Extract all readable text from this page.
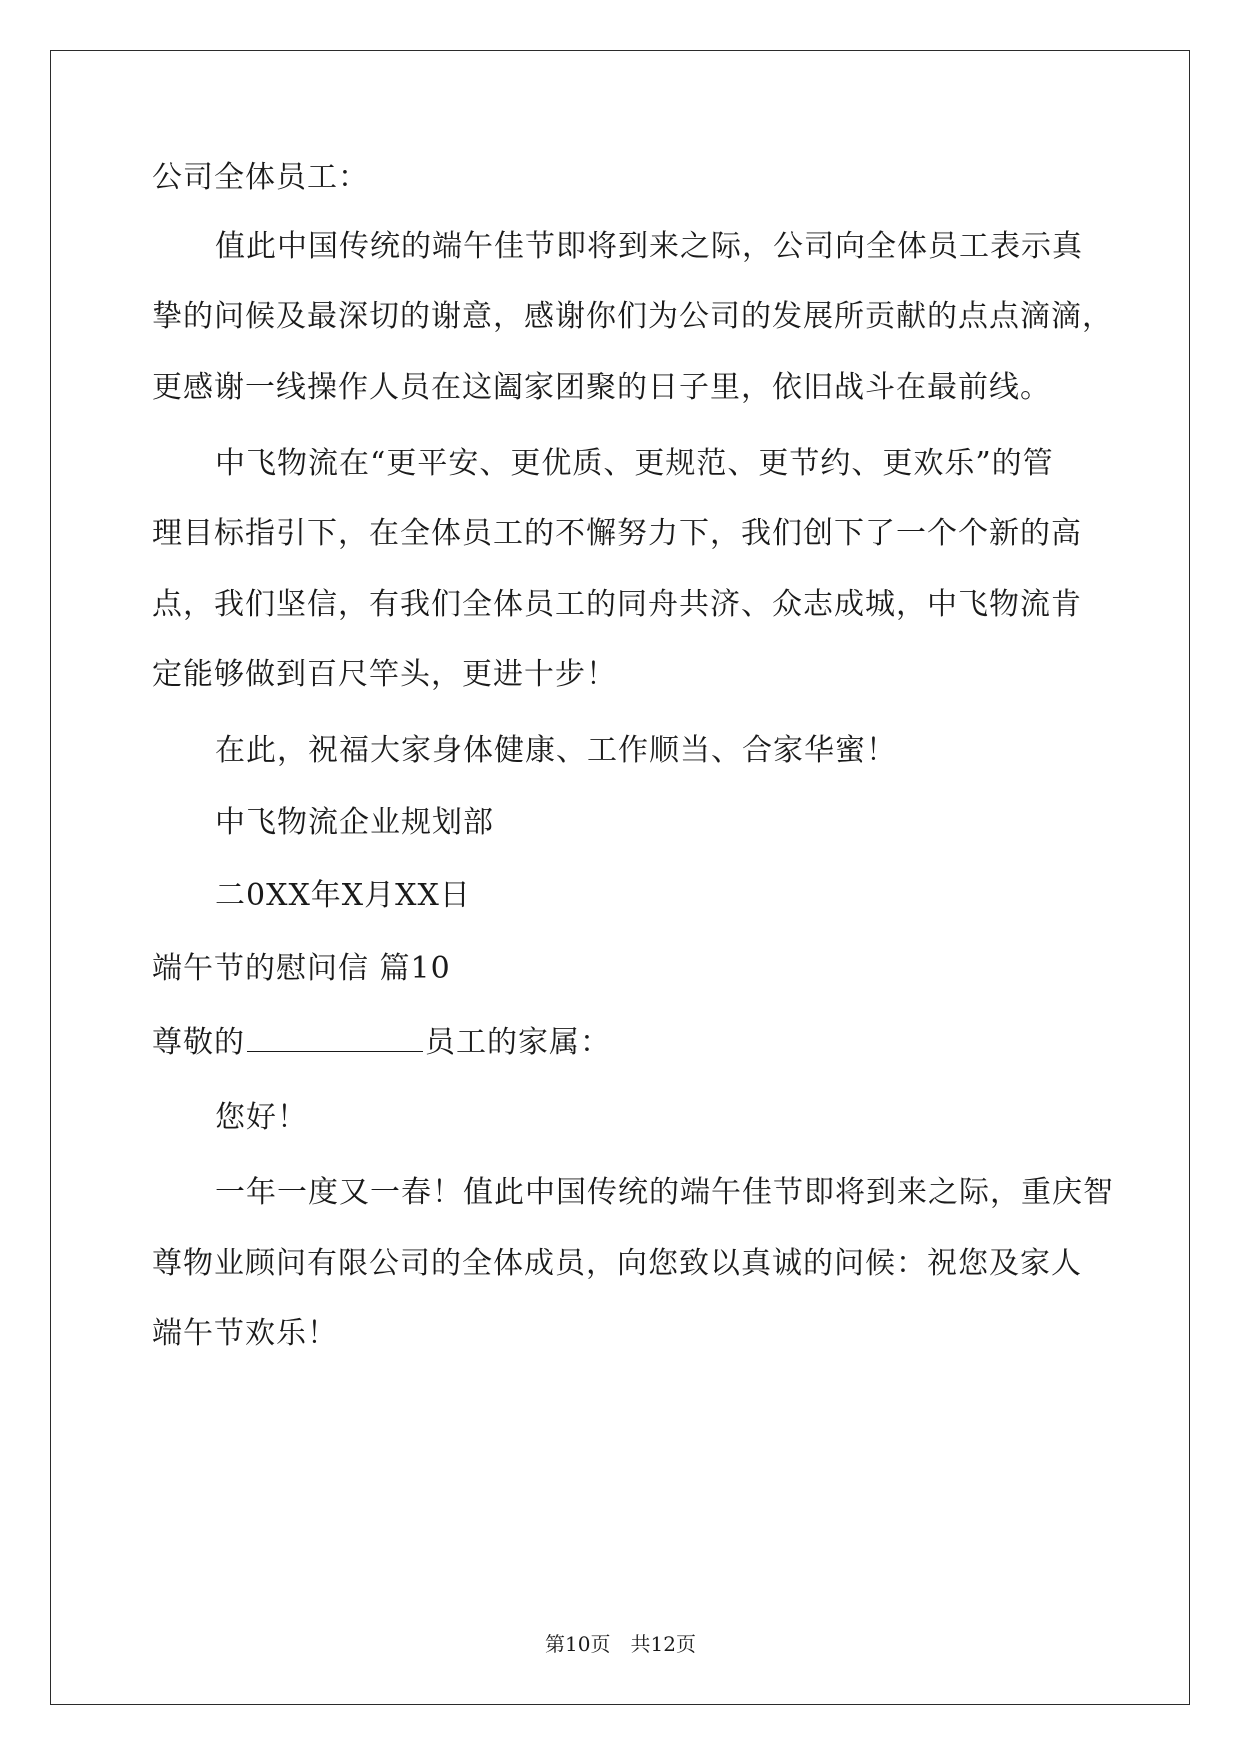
公司全体员工：
值此中国传统的端午佳节即将到来之际，公司向全体员工表示真
挚的问候及最深切的谢意，感谢你们为公司的发展所贡献的点点滴滴，
更感谢一线操作人员在这阖家团聚的日子里，依旧战斗在最前线。
中飞物流在“更平安、更优质、更规范、更节约、更欢乐”的管
理目标指引下，在全体员工的不懈努力下，我们创下了一个个新的高
点，我们坚信，有我们全体员工的同舟共济、众志成城，中飞物流肯
定能够做到百尺竿头，更进十步！
在此，祝福大家身体健康、工作顺当、合家华蜜！
中飞物流企业规划部
二0XX年X月XX日
端午节的慰问信 篇10
尊敬的	员工的家属：
您好！
一年一度又一春！值此中国传统的端午佳节即将到来之际，重庆智
尊物业顾问有限公司的全体成员，向您致以真诚的问候：祝您及家人
端午节欢乐！
第10页　共12页
